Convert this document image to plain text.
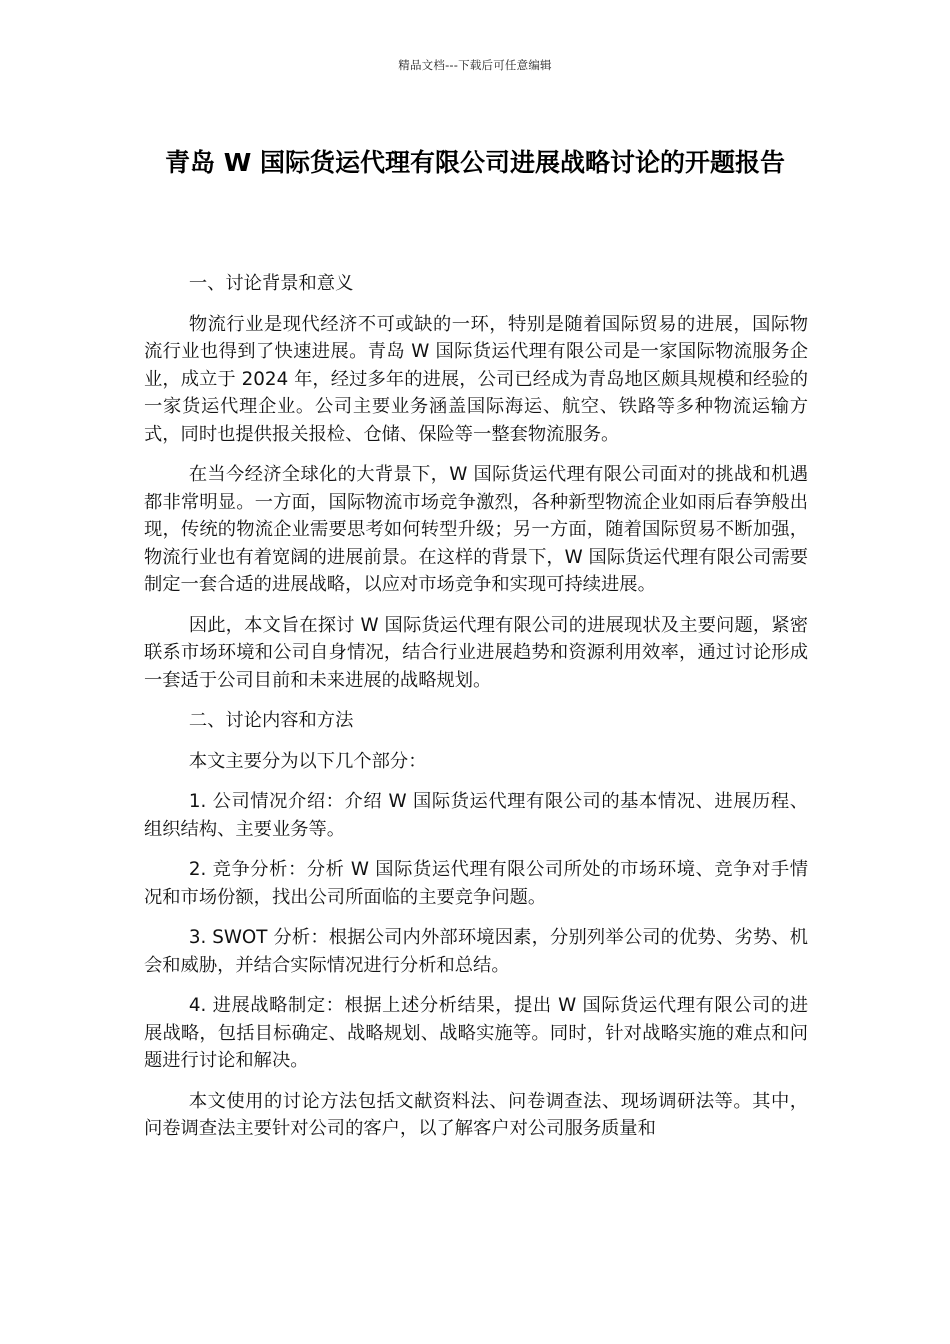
精品文档---下载后可任意编辑
青岛 W 国际货运代理有限公司进展战略讨论的开题报告

一、讨论背景和意义

物流行业是现代经济不可或缺的一环，特别是随着国际贸易的进展，国际物流行业也得到了快速进展。青岛 W 国际货运代理有限公司是一家国际物流服务企业，成立于 2024 年，经过多年的进展，公司已经成为青岛地区颇具规模和经验的一家货运代理企业。公司主要业务涵盖国际海运、航空、铁路等多种物流运输方式，同时也提供报关报检、仓储、保险等一整套物流服务。

在当今经济全球化的大背景下，W 国际货运代理有限公司面对的挑战和机遇都非常明显。一方面，国际物流市场竞争激烈，各种新型物流企业如雨后春笋般出现，传统的物流企业需要思考如何转型升级；另一方面，随着国际贸易不断加强，物流行业也有着宽阔的进展前景。在这样的背景下，W 国际货运代理有限公司需要制定一套合适的进展战略，以应对市场竞争和实现可持续进展。

因此，本文旨在探讨 W 国际货运代理有限公司的进展现状及主要问题，紧密联系市场环境和公司自身情况，结合行业进展趋势和资源利用效率，通过讨论形成一套适于公司目前和未来进展的战略规划。

二、讨论内容和方法

本文主要分为以下几个部分：

1. 公司情况介绍：介绍 W 国际货运代理有限公司的基本情况、进展历程、组织结构、主要业务等。

2. 竞争分析：分析 W 国际货运代理有限公司所处的市场环境、竞争对手情况和市场份额，找出公司所面临的主要竞争问题。

3. SWOT 分析：根据公司内外部环境因素，分别列举公司的优势、劣势、机会和威胁，并结合实际情况进行分析和总结。

4. 进展战略制定：根据上述分析结果，提出 W 国际货运代理有限公司的进展战略，包括目标确定、战略规划、战略实施等。同时，针对战略实施的难点和问题进行讨论和解决。

本文使用的讨论方法包括文献资料法、问卷调查法、现场调研法等。其中，问卷调查法主要针对公司的客户，以了解客户对公司服务质量和
